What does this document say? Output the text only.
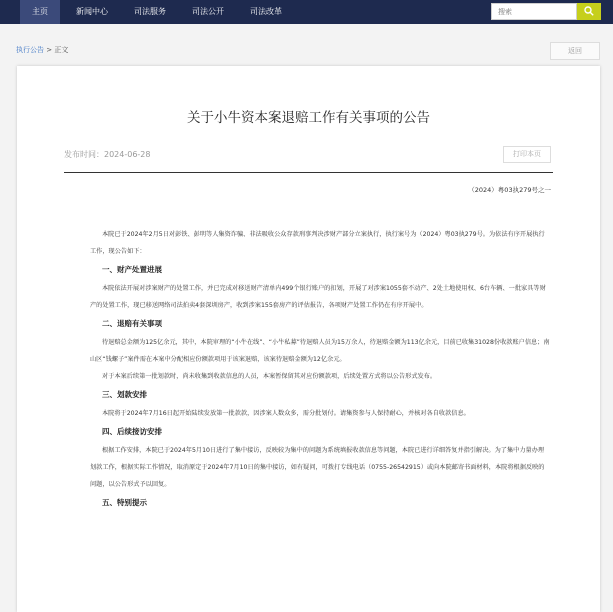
主页	新闻中心	司法服务	司法公开	司法改革
搜索
执行公告 > 正文	返回
关于小牛资本案退赔工作有关事项的公告
发布时间：2024-06-28	打印本页
（2024）粤03执279号之一

本院已于2024年2月5日对彭铁、彭明等人集资诈骗、非法吸收公众存款刑事判决涉财产部分立案执行，执行案号为（2024）粤03执279号。为依法有序开展执行工作，现公告如下：

一、财产处置进展

本院依法开展对涉案财产的处置工作，并已完成对移送财产清单内499个银行账户的扣划，开展了对涉案1055套不动产、2处土地使用权、6台车辆、一批家具等财产的处置工作，现已移送网络司法拍卖4套深圳房产，收到涉案155套房产的评估报告，各项财产处置工作仍在有序开展中。

二、退赔有关事项

待退赔总金额为125亿余元，其中，本院审理的“小牛在线”、“小牛私募”待退赔人员为15万余人，待退赔金额为113亿余元，目前已收集31028份收款账户信息；南山区“钱螺子”案件需在本案中分配相应份额款项用于该案退赔，该案待退赔金额为12亿余元。

对于本案后续第一批划款时，尚未收集到收款信息的人员，本案暂保留其对应份额款项，后续处置方式将以公告形式发布。

三、划款安排

本院将于2024年7月16日起开始陆续发放第一批款款，因涉案人数众多，需分批划付。请集资参与人保持耐心，并核对各自收款信息。

四、后续接访安排

根据工作安排，本院已于2024年5月10日进行了集中接访，反映较为集中的问题为系统填报收款信息等问题，本院已进行详细答复并指引解决。为了集中力量办理划款工作，根据实际工作情况，取消原定于2024年7月10日的集中接访，如有疑问，可拨打专线电话（0755-26542915）或向本院邮寄书面材料，本院将根据反映的问题，以公告形式予以回复。

五、特别提示
